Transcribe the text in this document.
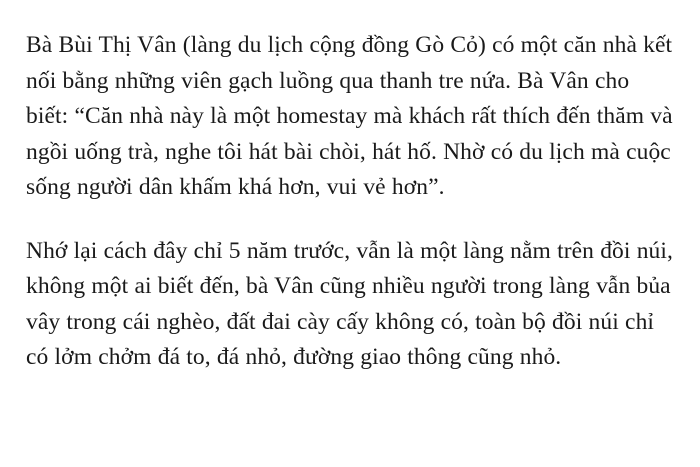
Bà Bùi Thị Vân (làng du lịch cộng đồng Gò Cỏ) có một căn nhà kết nối bằng những viên gạch luồng qua thanh tre nứa. Bà Vân cho biết: “Căn nhà này là một homestay mà khách rất thích đến thăm và ngồi uống trà, nghe tôi hát bài chòi, hát hố. Nhờ có du lịch mà cuộc sống người dân khấm khá hơn, vui vẻ hơn”.

Nhớ lại cách đây chỉ 5 năm trước, vẫn là một làng nằm trên đồi núi, không một ai biết đến, bà Vân cũng nhiều người trong làng vẫn bủa vây trong cái nghèo, đất đai cày cấy không có, toàn bộ đồi núi chỉ có lởm chởm đá to, đá nhỏ, đường giao thông cũng nhỏ.
